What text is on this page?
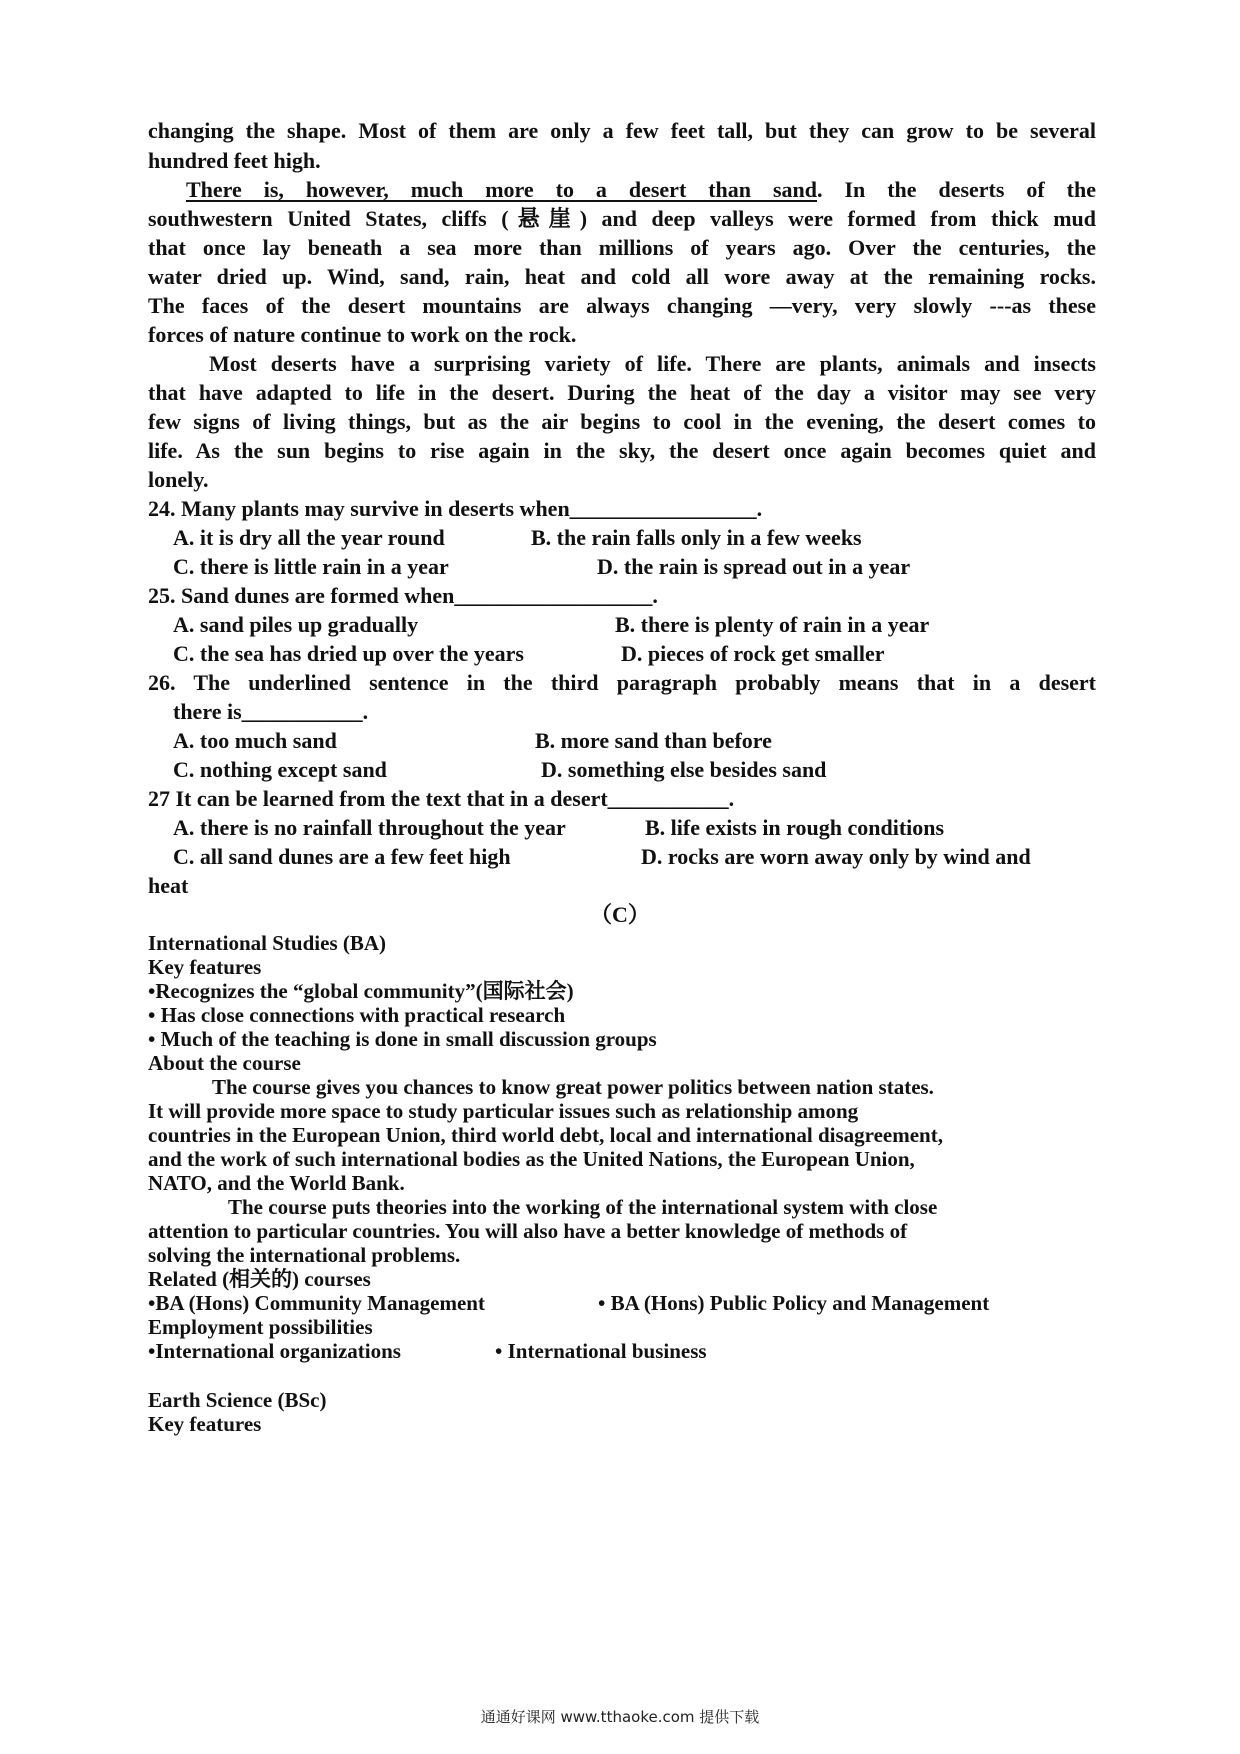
changing the shape. Most of them are only a few feet tall, but they can grow to be several
hundred feet high.
There is, however, much more to a desert than sand. In the deserts of the
southwestern United States, cliffs (悬崖) and deep valleys were formed from thick mud
that once lay beneath a sea more than millions of years ago. Over the centuries, the
water dried up. Wind, sand, rain, heat and cold all wore away at the remaining rocks.
The faces of the desert mountains are always changing —very, very slowly ---as these
forces of nature continue to work on the rock.
Most deserts have a surprising variety of life. There are plants, animals and insects
that have adapted to life in the desert. During the heat of the day a visitor may see very
few signs of living things, but as the air begins to cool in the evening, the desert comes to
life. As the sun begins to rise again in the sky, the desert once again becomes quiet and
lonely.
24. Many plants may survive in deserts when_________________.
A. it is dry all the year round	B. the rain falls only in a few weeks
C. there is little rain in a year	D. the rain is spread out in a year
25. Sand dunes are formed when__________________.
A. sand piles up gradually	B. there is plenty of rain in a year
C. the sea has dried up over the years	D. pieces of rock get smaller
26. The underlined sentence in the third paragraph probably means that in a desert
there is___________.
A. too much sand	B. more sand than before
C. nothing except sand	D. something else besides sand
27 It can be learned from the text that in a desert___________.
A. there is no rainfall throughout the year	B. life exists in rough conditions
C. all sand dunes are a few feet high	D. rocks are worn away only by wind and
heat
（C）
International Studies (BA)
Key features
•Recognizes the “global community”(国际社会)
• Has close connections with practical research
• Much of the teaching is done in small discussion groups
About the course
The course gives you chances to know great power politics between nation states.
It will provide more space to study particular issues such as relationship among
countries in the European Union, third world debt, local and international disagreement,
and the work of such international bodies as the United Nations, the European Union,
NATO, and the World Bank.
The course puts theories into the working of the international system with close
attention to particular countries. You will also have a better knowledge of methods of
solving the international problems.
Related (相关的) courses
•BA (Hons) Community Management	• BA (Hons) Public Policy and Management
Employment possibilities
•International organizations	• International business
Earth Science (BSc)
Key features
通通好课网 www.tthaoke.com 提供下载
